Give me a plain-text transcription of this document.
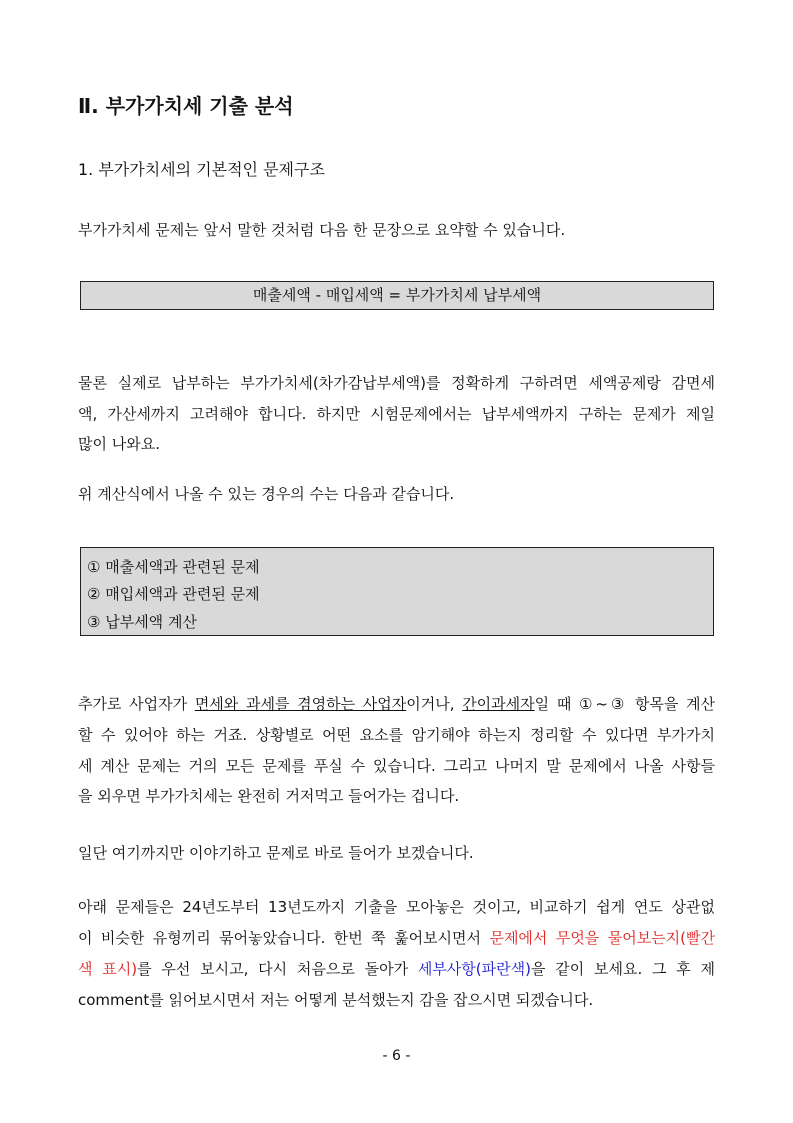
Ⅱ. 부가가치세 기출 분석
1. 부가가치세의 기본적인 문제구조
부가가치세 문제는 앞서 말한 것처럼 다음 한 문장으로 요약할 수 있습니다.
매출세액 - 매입세액 = 부가가치세 납부세액
물론 실제로 납부하는 부가가치세(차가감납부세액)를 정확하게 구하려면 세액공제랑 감면세
액, 가산세까지 고려해야 합니다. 하지만 시험문제에서는 납부세액까지 구하는 문제가 제일
많이 나와요.
위 계산식에서 나올 수 있는 경우의 수는 다음과 같습니다.
① 매출세액과 관련된 문제
② 매입세액과 관련된 문제
③ 납부세액 계산
추가로 사업자가 면세와 과세를 겸영하는 사업자이거나, 간이과세자일 때 ①~③ 항목을 계산
할 수 있어야 하는 거죠. 상황별로 어떤 요소를 암기해야 하는지 정리할 수 있다면 부가가치
세 계산 문제는 거의 모든 문제를 푸실 수 있습니다. 그리고 나머지 말 문제에서 나올 사항들
을 외우면 부가가치세는 완전히 거저먹고 들어가는 겁니다.
일단 여기까지만 이야기하고 문제로 바로 들어가 보겠습니다.
아래 문제들은 24년도부터 13년도까지 기출을 모아놓은 것이고, 비교하기 쉽게 연도 상관없
이 비슷한 유형끼리 묶어놓았습니다. 한번 쭉 훑어보시면서 문제에서 무엇을 물어보는지(빨간
색 표시)를 우선 보시고, 다시 처음으로 돌아가 세부사항(파란색)을 같이 보세요. 그 후 제
comment를 읽어보시면서 저는 어떻게 분석했는지 감을 잡으시면 되겠습니다.
- 6 -
